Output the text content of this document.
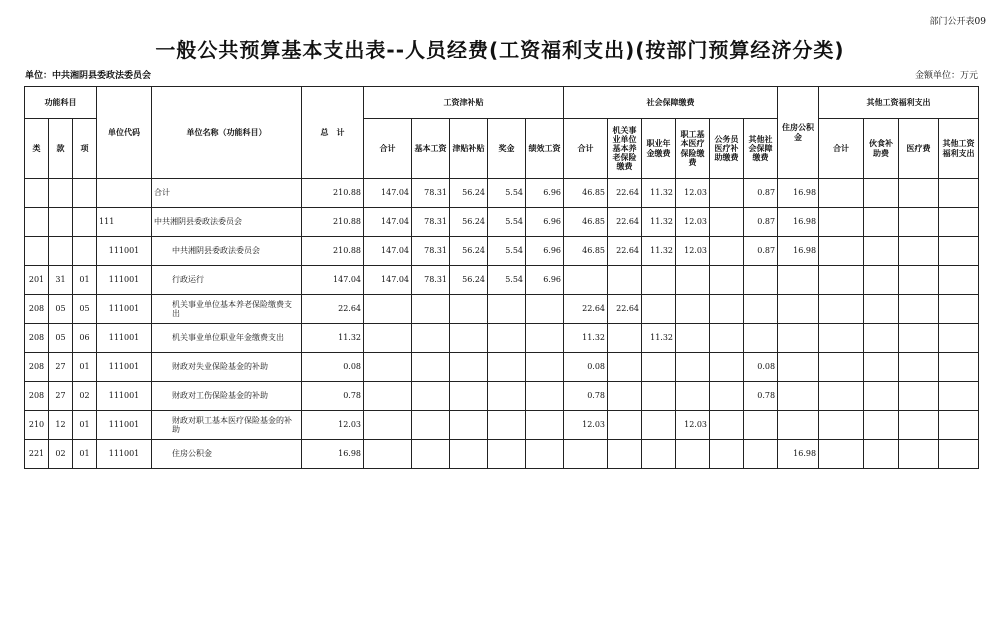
部门公开表09
一般公共预算基本支出表--人员经费(工资福利支出)(按部门预算经济分类)
单位：中共湘阴县委政法委员会	金额单位：万元
功能科目			单位代码	单位名称（功能科目）	总　计	工资津补贴					社会保障缴费						住房公积金	其他工资福利支出			
类	款	项				合计	基本工资	津贴补贴	奖金	绩效工资	合计	机关事业单位基本养老保险缴费	职业年金缴费	职工基本医疗保险缴费	公务员医疗补助缴费	其他社会保障缴费		合计	伙食补助费	医疗费	其他工资福利支出
				合计	210.88	147.04	78.31	56.24	5.54	6.96	46.85	22.64	11.32	12.03		0.87	16.98				
			111	中共湘阴县委政法委员会	210.88	147.04	78.31	56.24	5.54	6.96	46.85	22.64	11.32	12.03		0.87	16.98				
			111001	中共湘阴县委政法委员会	210.88	147.04	78.31	56.24	5.54	6.96	46.85	22.64	11.32	12.03		0.87	16.98				
201	31	01	111001	行政运行	147.04	147.04	78.31	56.24	5.54	6.96											
208	05	05	111001	机关事业单位基本养老保险缴费支出	22.64						22.64	22.64									
208	05	06	111001	机关事业单位职业年金缴费支出	11.32						11.32		11.32								
208	27	01	111001	财政对失业保险基金的补助	0.08						0.08					0.08					
208	27	02	111001	财政对工伤保险基金的补助	0.78						0.78					0.78					
210	12	01	111001	财政对职工基本医疗保险基金的补助	12.03						12.03			12.03							
221	02	01	111001	住房公积金	16.98												16.98				
